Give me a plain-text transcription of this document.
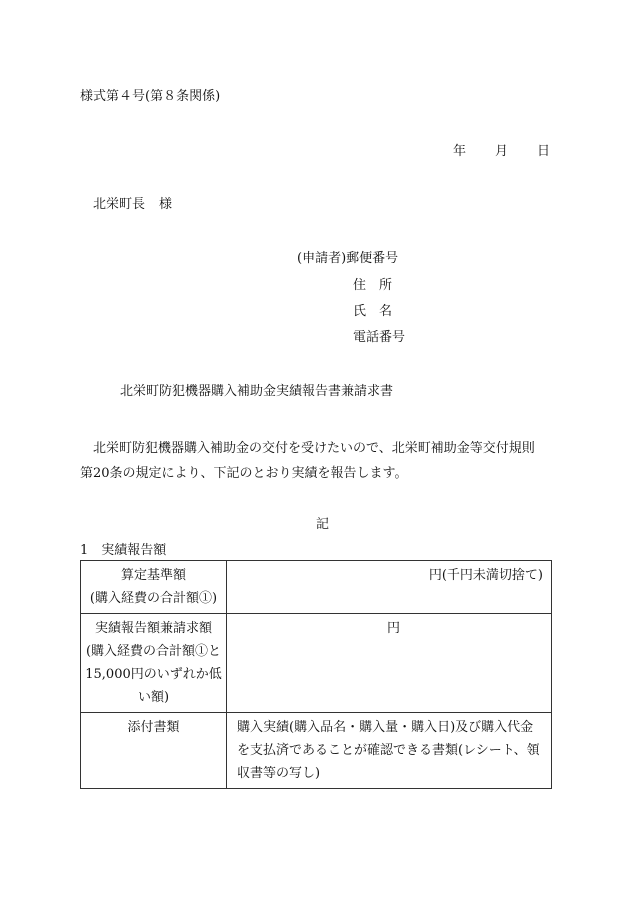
様式第４号(第８条関係)
年 月 日
北栄町長 様
(申請者)郵便番号
住所
氏名
電話番号
北栄町防犯機器購入補助金実績報告書兼請求書

北栄町防犯機器購入補助金の交付を受けたいので、北栄町補助金等交付規則

第20条の規定により、下記のとおり実績を報告します。

記
1　実績報告額
算定基準額
(購入経費の合計額①)	円(千円未満切捨て)
実績報告額兼請求額
(購入経費の合計額①と
15,000円のいずれか低
い額)	円
添付書類	購入実績(購入品名・購入量・購入日)及び購入代金を支払済であることが確認できる書類(レシート、領収書等の写し)
